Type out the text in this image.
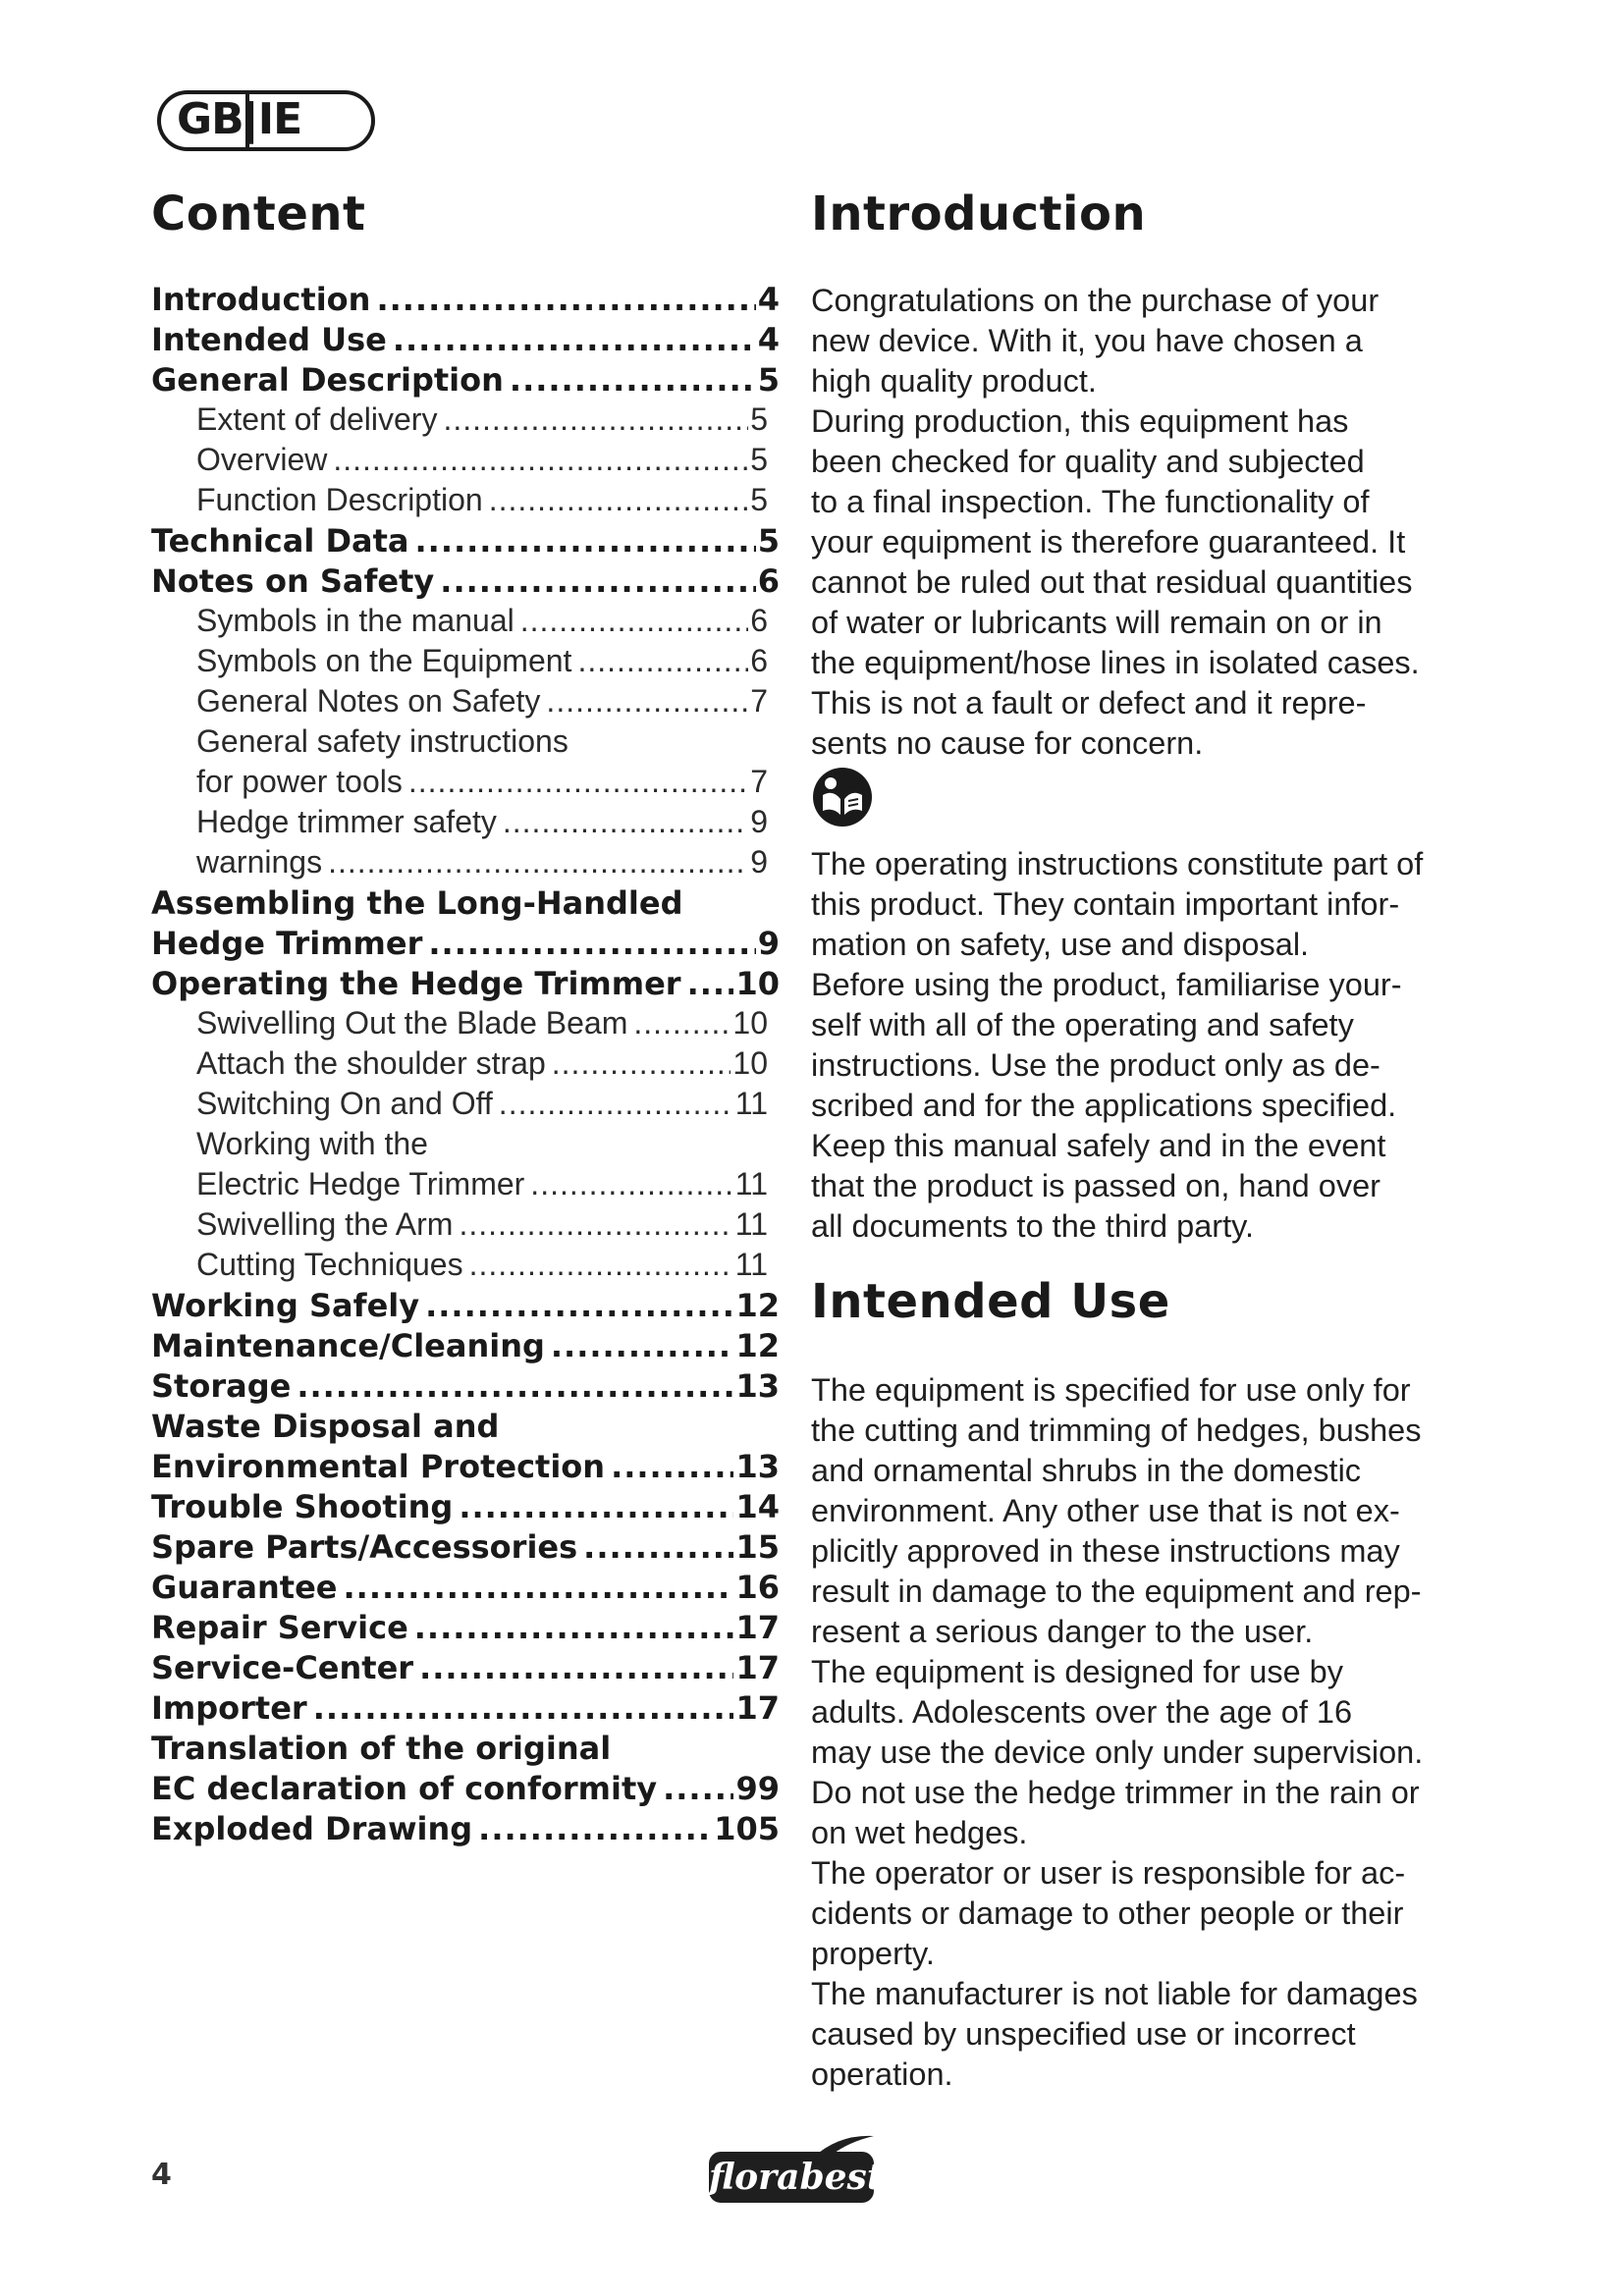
GB|IE
Content	Introduction
Introduction .....	4
Intended Use .....	4
General Description .....	5
Extent of delivery .....	5
Overview .....	5
Function Description .....	5
Technical Data .....	5
Notes on Safety .....	6
Symbols in the manual .....	6
Symbols on the Equipment .....	6
General Notes on Safety .....	7
General safety instructions
for power tools .....	7
Hedge trimmer safety .....	9
warnings .....	9
Assembling the Long-Handled
Hedge Trimmer .....	9
Operating the Hedge Trimmer ..... 10
Swivelling Out the Blade Beam .....	10
Attach the shoulder strap .....	10
Switching On and Off .....	11
Working with the
Electric Hedge Trimmer .....	11
Swivelling the Arm .....	11
Cutting Techniques .....	11
Working Safely .....	12
Maintenance/Cleaning .....	12
Storage .....	13
Waste Disposal and
Environmental Protection .....	13
Trouble Shooting .....	14
Spare Parts/Accessories .....	15
Guarantee .....	16
Repair Service .....	17
Service-Center .....	17
Importer .....	17
Translation of the original
EC declaration of conformity .....	99
Exploded Drawing .....	105

Congratulations on the purchase of your

new device. With it, you have chosen a

high quality product.

During production, this equipment has

been checked for quality and subjected

to a final inspection. The functionality of

your equipment is therefore guaranteed. It

cannot be ruled out that residual quantities

of water or lubricants will remain on or in

the equipment/hose lines in isolated cases.

This is not a fault or defect and it repre-

sents no cause for concern.

The operating instructions constitute part of

this product. They contain important infor-

mation on safety, use and disposal.

Before using the product, familiarise your-

self with all of the operating and safety

instructions. Use the product only as de-

scribed and for the applications specified.

Keep this manual safely and in the event

that the product is passed on, hand over

all documents to the third party.

Intended Use

The equipment is specified for use only for

the cutting and trimming of hedges, bushes

and ornamental shrubs in the domestic

environment. Any other use that is not ex-

plicitly approved in these instructions may

result in damage to the equipment and rep-

resent a serious danger to the user.

The equipment is designed for use by

adults. Adolescents over the age of 16

may use the device only under supervision.

Do not use the hedge trimmer in the rain or

on wet hedges.

The operator or user is responsible for ac-

cidents or damage to other people or their

property.

The manufacturer is not liable for damages

caused by unspecified use or incorrect

operation.

4	florabest
